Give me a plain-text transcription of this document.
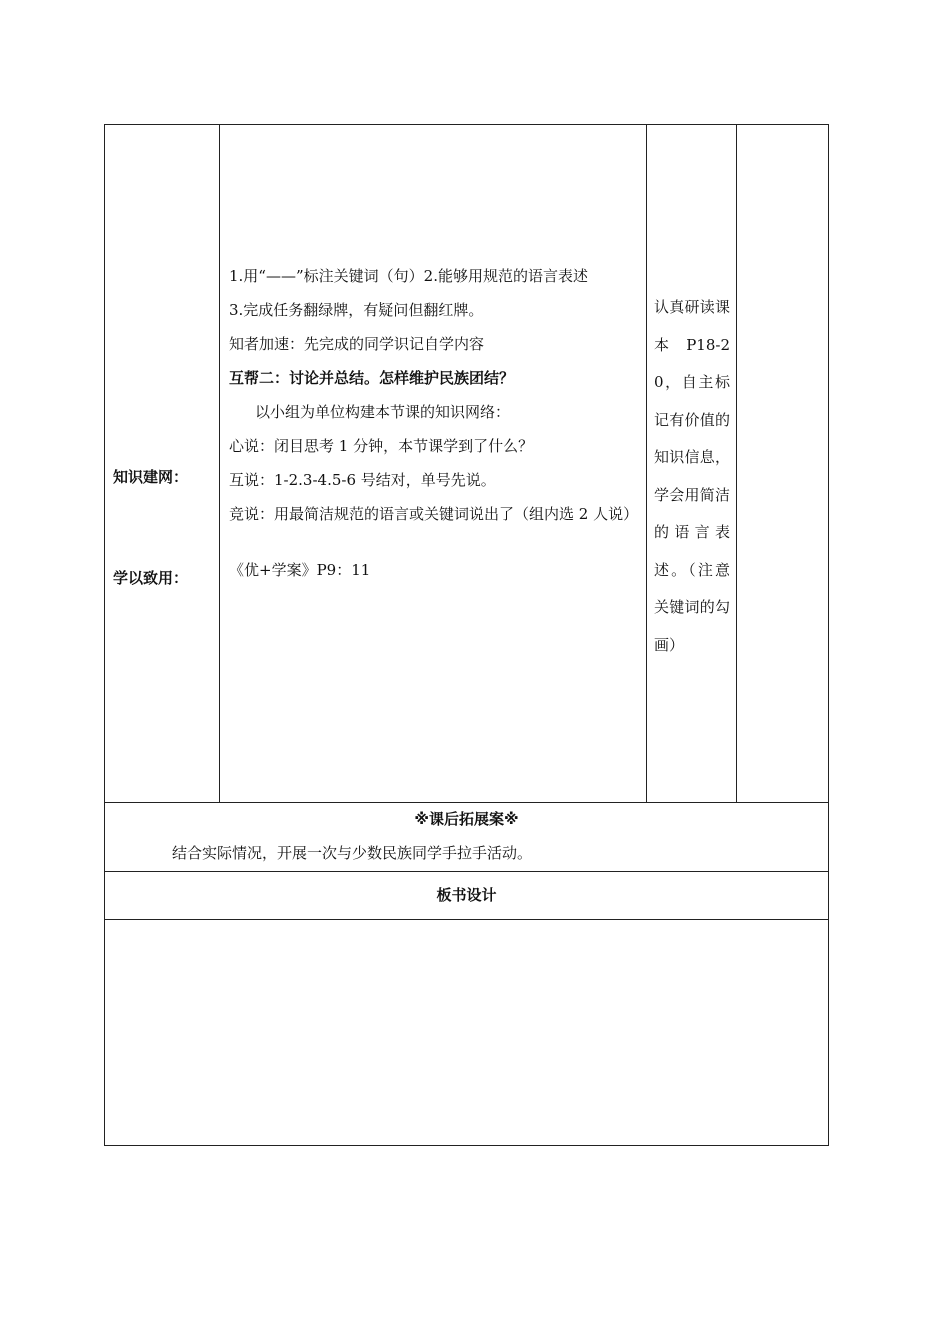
知识建网：
学以致用：

1.用“——”标注关键词（句）2.能够用规范的语言表述

3.完成任务翻绿牌，有疑问但翻红牌。

知者加速：先完成的同学识记自学内容

互帮二：讨论并总结。怎样维护民族团结？

以小组为单位构建本节课的知识网络：

心说：闭目思考 1 分钟，本节课学到了什么？

互说：1-2.3-4.5-6 号结对，单号先说。

竞说：用最简洁规范的语言或关键词说出了（组内选 2 人说）

《优+学案》P9：11

认真研读课本P18-20，自主标记有价值的知识信息，学会用简洁的语言表述。（注意关键词的勾画）

※课后拓展案※
结合实际情况，开展一次与少数民族同学手拉手活动。
板书设计
